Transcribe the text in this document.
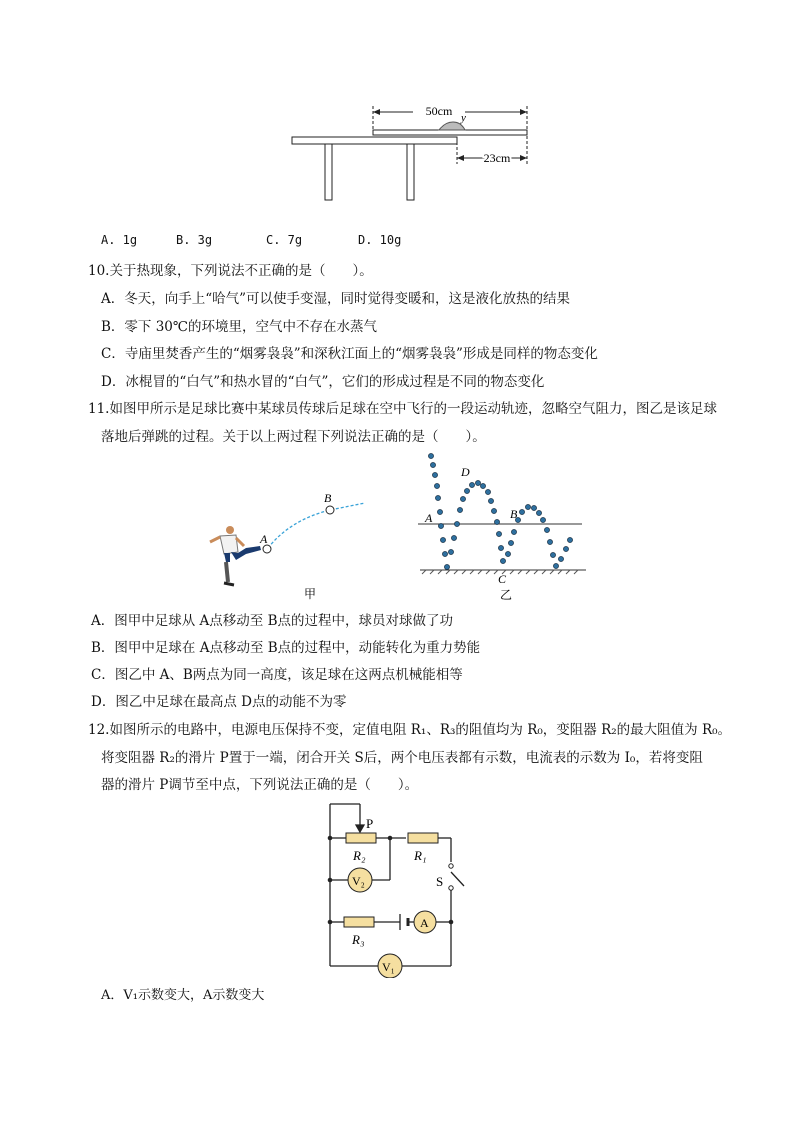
50cm y
23cm
A. 1g	B. 3g	C. 7g	D. 10g
10.关于热现象，下列说法不正确的是（　　）。
A．冬天，向手上“哈气”可以使手变湿，同时觉得变暖和，这是液化放热的结果
B．零下 30℃的环境里，空气中不存在水蒸气
C．寺庙里焚香产生的“烟雾袅袅”和深秋江面上的“烟雾袅袅”形成是同样的物态变化
D．冰棍冒的“白气”和热水冒的“白气”，它们的形成过程是不同的物态变化
11.如图甲所示是足球比赛中某球员传球后足球在空中飞行的一段运动轨迹，忽略空气阻力，图乙是该足球
落地后弹跳的过程。关于以上两过程下列说法正确的是（　　）。
A
B
甲
A	B
D
C
乙
A．图甲中足球从 A点移动至 B点的过程中，球员对球做了功
B．图甲中足球在 A点移动至 B点的过程中，动能转化为重力势能
C．图乙中 A、B两点为同一高度，该足球在这两点机械能相等
D．图乙中足球在最高点 D点的动能不为零
12.如图所示的电路中，电源电压保持不变，定值电阻 R₁、R₃的阻值均为 R₀，变阻器 R₂的最大阻值为 R₀。
将变阻器 R₂的滑片 P置于一端，闭合开关 S后，两个电压表都有示数，电流表的示数为 I₀，若将变阻
器的滑片 P调节至中点，下列说法正确的是（　　）。
P
R₂	R₁
S
V₂
R₃
A
V₁
A．V₁示数变大，A示数变大
